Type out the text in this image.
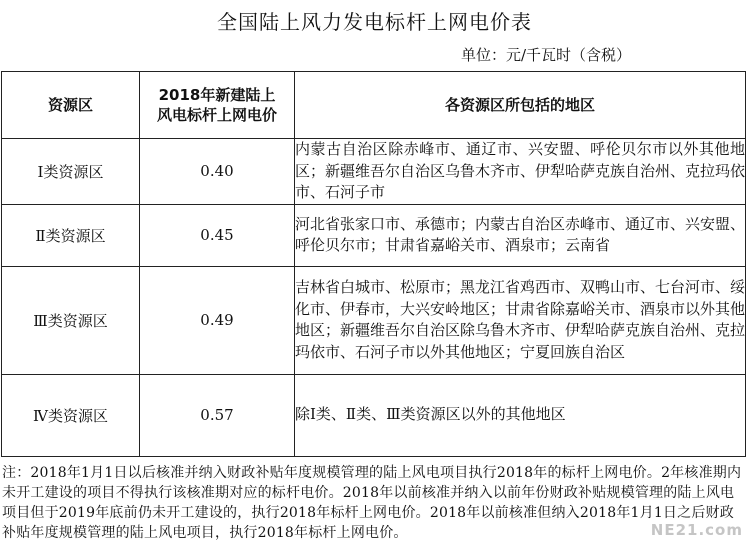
全国陆上风力发电标杆上网电价表
单位：元/千瓦时（含税）
资源区	2018年新建陆上风电标杆上网电价	各资源区所包括的地区
Ⅰ类资源区	0.40	内蒙古自治区除赤峰市、通辽市、兴安盟、呼伦贝尔市以外其他地区；新疆维吾尔自治区乌鲁木齐市、伊犁哈萨克族自治州、克拉玛依市、石河子市
Ⅱ类资源区	0.45	河北省张家口市、承德市；内蒙古自治区赤峰市、通辽市、兴安盟、呼伦贝尔市；甘肃省嘉峪关市、酒泉市；云南省
Ⅲ类资源区	0.49	吉林省白城市、松原市；黑龙江省鸡西市、双鸭山市、七台河市、绥化市、伊春市，大兴安岭地区；甘肃省除嘉峪关市、酒泉市以外其他地区；新疆维吾尔自治区除乌鲁木齐市、伊犁哈萨克族自治州、克拉玛依市、石河子市以外其他地区；宁夏回族自治区
Ⅳ类资源区	0.57	除Ⅰ类、Ⅱ类、Ⅲ类资源区以外的其他地区
注：2018年1月1日以后核准并纳入财政补贴年度规模管理的陆上风电项目执行2018年的标杆上网电价。2年核准期内未开工建设的项目不得执行该核准期对应的标杆电价。2018年以前核准并纳入以前年份财政补贴规模管理的陆上风电项目但于2019年底前仍未开工建设的，执行2018年标杆上网电价。2018年以前核准但纳入2018年1月1日之后财政补贴年度规模管理的陆上风电项目，执行2018年标杆上网电价。	NE21.com
